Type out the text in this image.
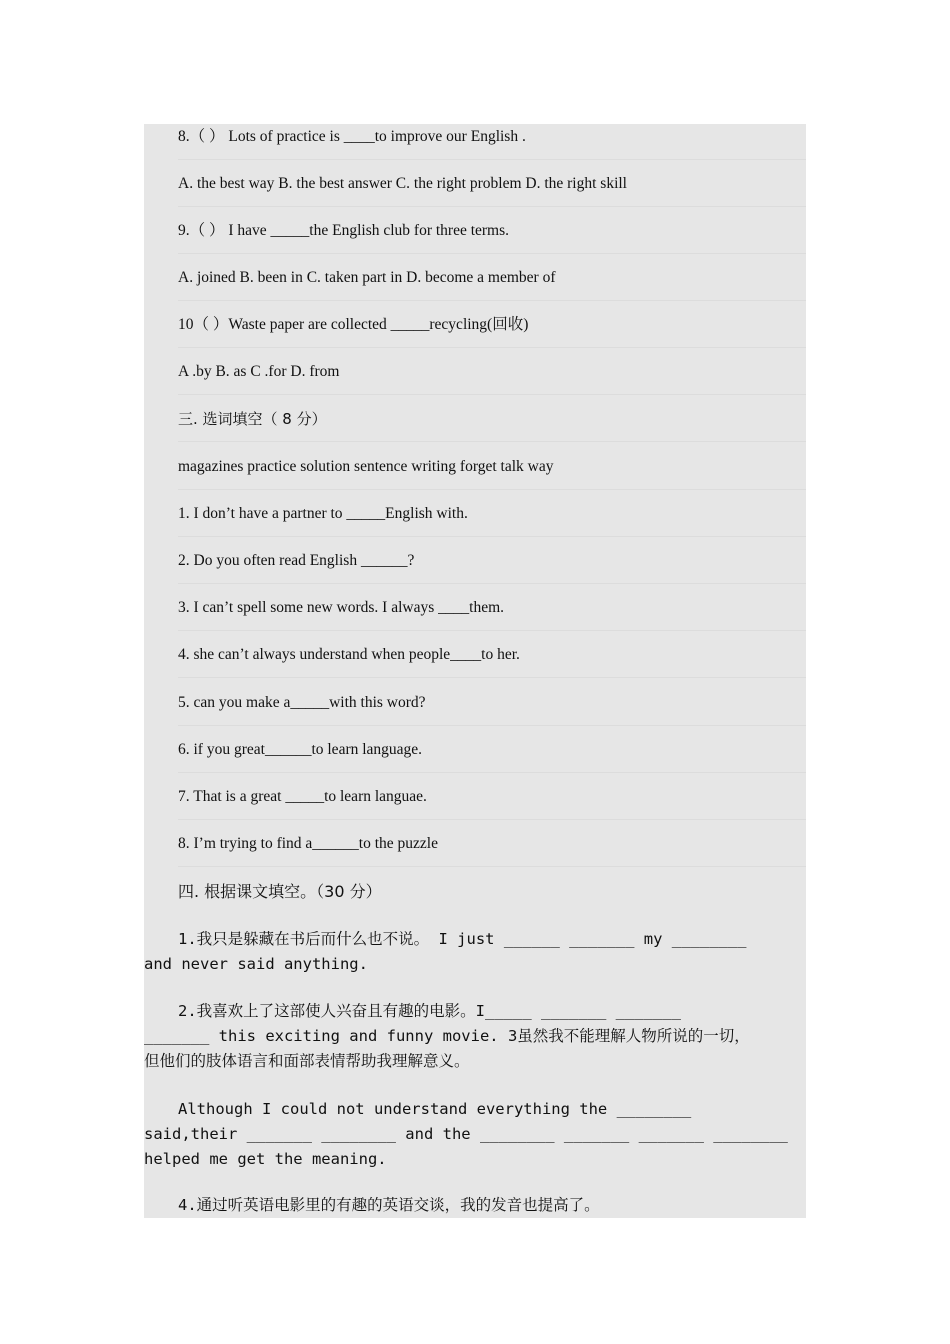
8.（ ） Lots of practice is ____to improve our English .
A. the best way B. the best answer C. the right problem D. the right skill
9.（ ） I have _____the English club for three terms.
A. joined B. been in C. taken part in D. become a member of
10（ ）Waste paper are collected _____recycling(回收)
A .by B. as C .for D. from
三. 选词填空（ 8 分）
magazines practice solution sentence writing forget talk way
1. I don’t have a partner to _____English with.
2. Do you often read English ______?
3. I can’t spell some new words. I always ____them.
4. she can’t always understand when people____to her.
5. can you make a_____with this word?
6. if you great______to learn language.
7. That is a great _____to learn languae.
8. I’m trying to find a______to the puzzle
四. 根据课文填空。（30 分）
1.我只是躲藏在书后而什么也不说。 I just ______ _______ my ________
and never said anything.
2.我喜欢上了这部使人兴奋且有趣的电影。I_____ _______ _______
_______ this exciting and funny movie. 3虽然我不能理解人物所说的一切，
但他们的肢体语言和面部表情帮助我理解意义。
Although I could not understand everything the ________
said,their _______ ________ and the ________ _______ _______ ________
helped me get the meaning.
4.通过听英语电影里的有趣的英语交谈，我的发音也提高了。
